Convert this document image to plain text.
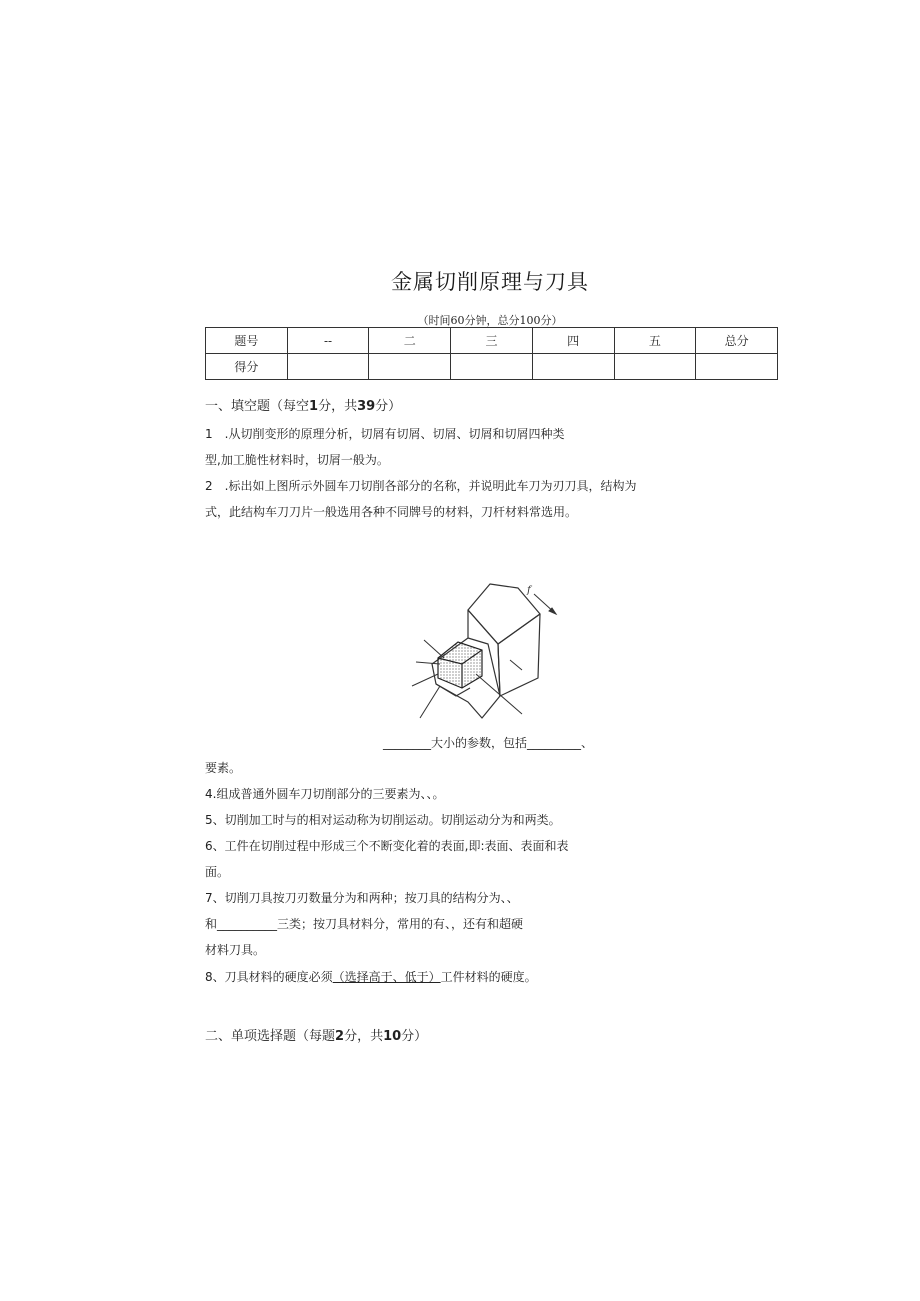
金属切削原理与刀具
（时间60分钟，总分100分）
题号	--	二	三	四	五	总分
得分						
一、填空题（每空1分，共39分）
1　.从切削变形的原理分析，切屑有切屑、切屑、切屑和切屑四种类
型,加工脆性材料时，切屑一般为。
2　.标出如上图所示外圆车刀切削各部分的名称，并说明此车刀为刃刀具，结构为
式，此结构车刀刀片一般选用各种不同牌号的材料，刀杆材料常选用。
f
________大小的参数，包括_________、
要素。
4.组成普通外圆车刀切削部分的三要素为、、。
5、切削加工时与的相对运动称为切削运动。切削运动分为和两类。
6、工件在切削过程中形成三个不断变化着的表面,即:表面、表面和表
面。
7、切削刀具按刀刃数量分为和两种；按刀具的结构分为、、
和__________三类；按刀具材料分，常用的有、，还有和超硬
材料刀具。
8、刀具材料的硬度必须（选择高于、低于）工件材料的硬度。
二、单项选择题（每题2分，共10分）
